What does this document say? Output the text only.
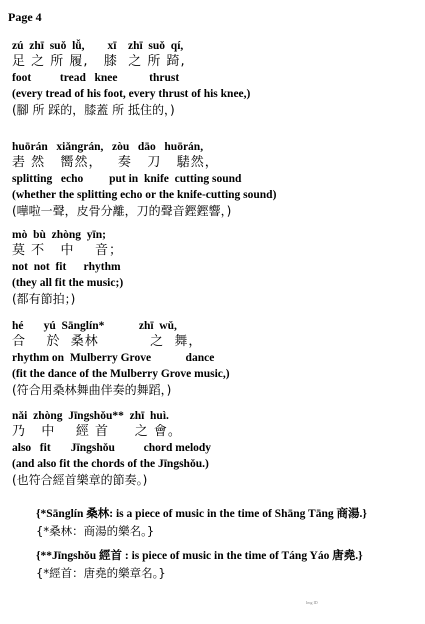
Page 4
zú  zhī  suǒ  lǚ,        xī    zhī  suǒ  qí,
足 之 所 履,   膝  之 所 踦,
foot          tread   knee           thrust
(every tread of his foot, every thrust of his knee,)
(腳 所 踩的，膝蓋 所 抵住的，)
huōrán   xiǎngrán,   zòu   dāo   huōrán,
砉 然   嚮然，   奏   刀   騞然，
splitting   echo         put in  knife  cutting sound
(whether the splitting echo or the knife-cutting sound)
(嘩啦一聲，皮骨分離，刀的聲音鏗鏗響，)
mò  bù  zhòng  yīn;
莫 不   中    音；
not  not  fit      rhythm
(they all fit the music;)
(都有節拍；)
hé       yú  Sānglín*            zhī  wǔ,
合    於  桑林          之  舞，
rhythm on  Mulberry Grove            dance
(fit the dance of the Mulberry Grove music,)
(符合用桑林舞曲伴奏的舞蹈，)
nǎi  zhòng  Jīngshǒu**  zhī  huì.
乃   中    經 首     之 會。
also   fit       Jīngshǒu          chord melody
(and also fit the chords of the Jīngshǒu.)
(也符合經首樂章的節奏。)
{*Sānglín 桑林: is a piece of music in the time of Shāng Tāng 商湯.}
{*桑林：商湯的樂名。}
{**Jīngshǒu 經首 : is piece of music in the time of Táng Yáo 唐堯.}
{*經首：唐堯的樂章名。}
Img ID
